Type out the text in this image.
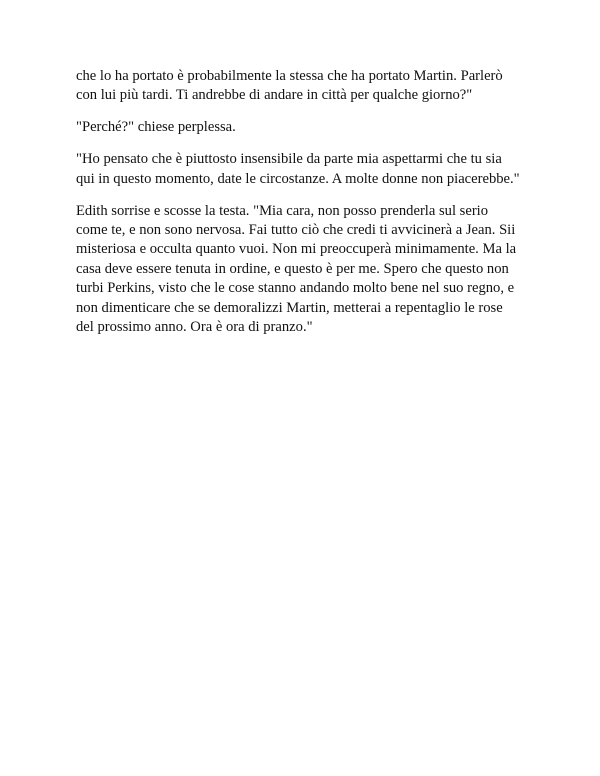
che lo ha portato è probabilmente la stessa che ha portato Martin. Parlerò
con lui più tardi. Ti andrebbe di andare in città per qualche giorno?"

"Perché?" chiese perplessa.

"Ho pensato che è piuttosto insensibile da parte mia aspettarmi che tu sia
qui in questo momento, date le circostanze. A molte donne non piacerebbe."

Edith sorrise e scosse la testa. "Mia cara, non posso prenderla sul serio
come te, e non sono nervosa. Fai tutto ciò che credi ti avvicinerà a Jean. Sii
misteriosa e occulta quanto vuoi. Non mi preoccuperà minimamente. Ma la
casa deve essere tenuta in ordine, e questo è per me. Spero che questo non
turbi Perkins, visto che le cose stanno andando molto bene nel suo regno, e
non dimenticare che se demoralizzi Martin, metterai a repentaglio le rose
del prossimo anno. Ora è ora di pranzo."
